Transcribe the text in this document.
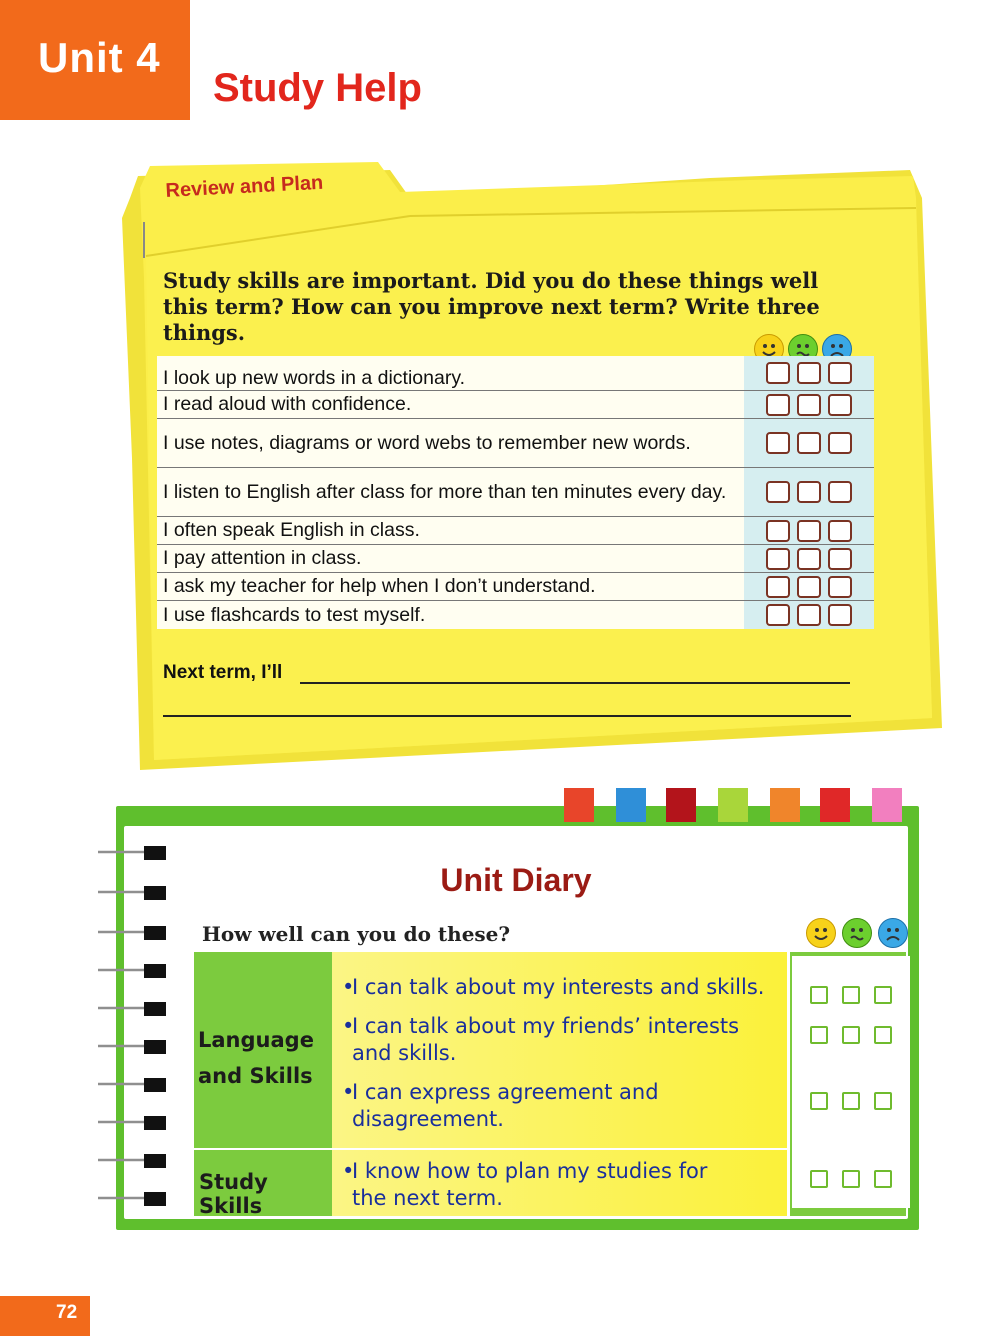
Unit 4
Study Help
Review and Plan
Study skills are important. Did you do these things well this term? How can you improve next term? Write three things.
I look up new words in a dictionary.
I read aloud with confidence.
I use notes, diagrams or word webs to remember new words.
I listen to English after class for more than ten minutes every day.
I often speak English in class.
I pay attention in class.
I ask my teacher for help when I don’t understand.
I use flashcards to test myself.
Next term, I’ll
Unit Diary
How well can you do these?
Language
and Skills
Study Skills
•I can talk about my interests and skills.
•I can talk about my friends’ interests
and skills.
•I can express agreement and
disagreement.
•I know how to plan my studies for
the next term.
72
